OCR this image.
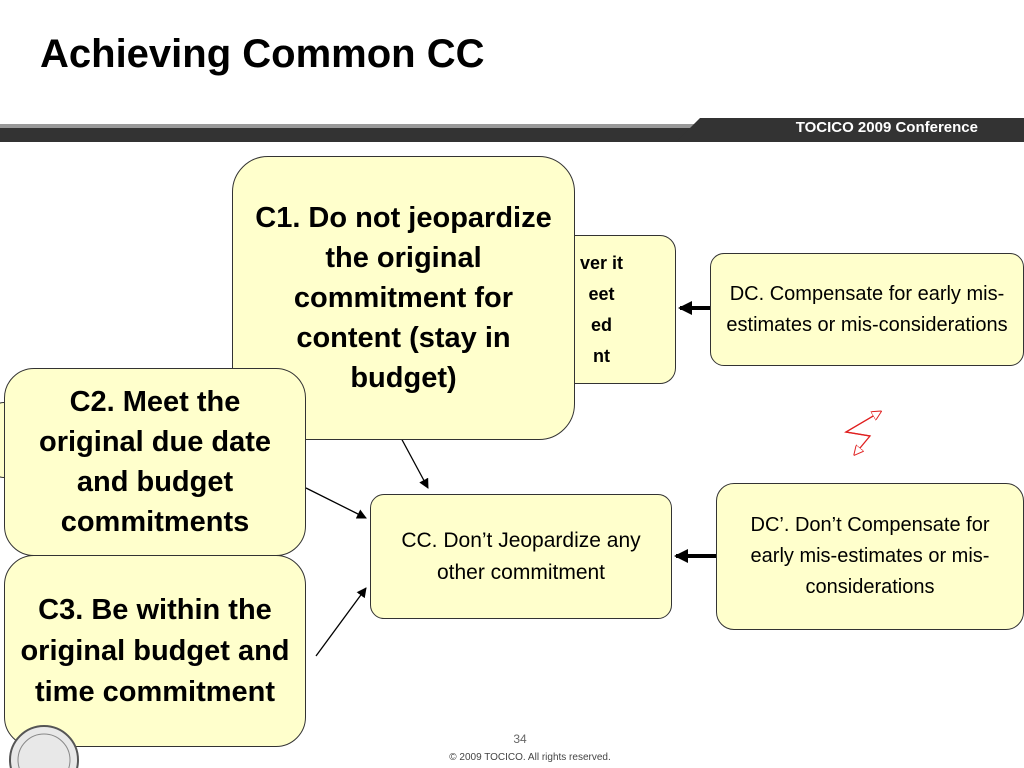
Achieving Common CC
TOCICO 2009 Conference
ver it
eet
ed
nt
C1. Do not jeopardize the original commitment for content (stay in budget)
C2. Meet the original due date and budget commitments
C3. Be within the original budget and time commitment
CC. Don’t Jeopardize any other commitment
DC. Compensate for early mis-estimates or mis-considerations
DC’. Don’t Compensate for early mis-estimates or mis-considerations
34
© 2009 TOCICO. All rights reserved.
